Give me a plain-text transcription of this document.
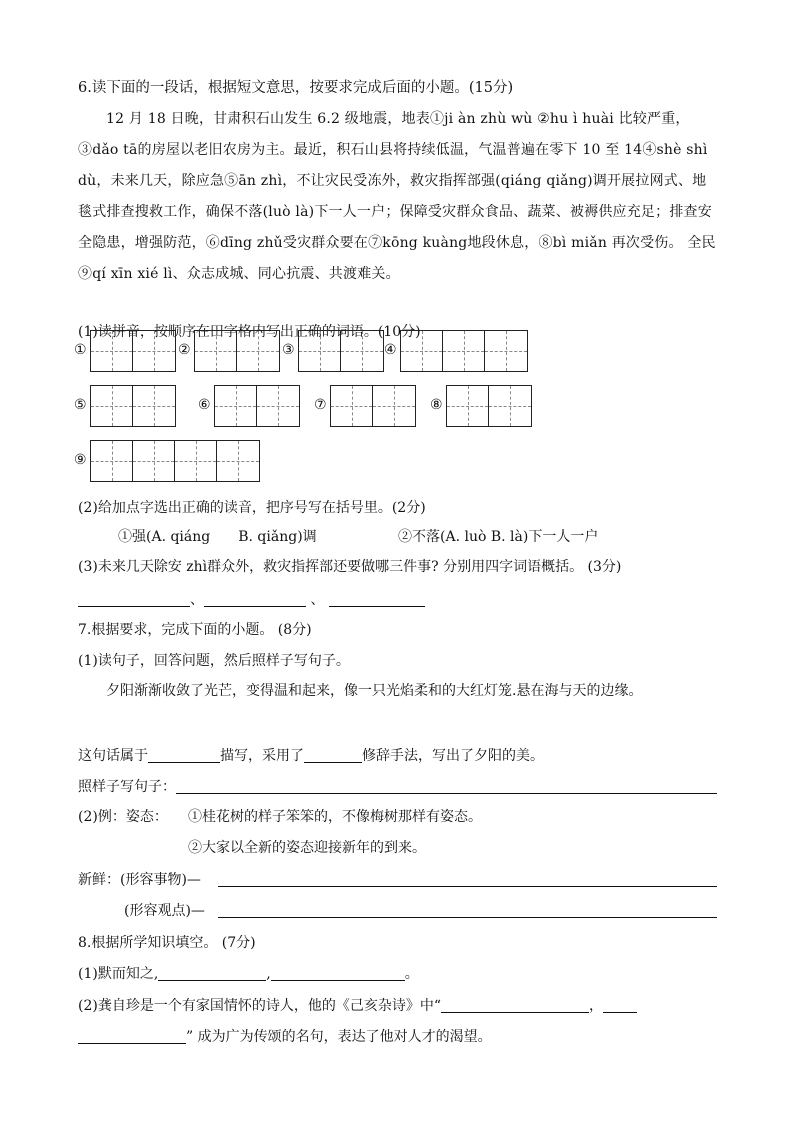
6.读下面的一段话，根据短文意思，按要求完成后面的小题。(15分)
12 月 18 日晚，甘肃积石山发生 6.2 级地震，地表①ji àn zhù wù ②hu ì huài 比较严重，③dǎo tā的房屋以老旧农房为主。最近，积石山县将持续低温，气温普遍在零下 10 至 14④shè shì dù，未来几天，除应急⑤ān zhì，不让灾民受冻外，救灾指挥部强(qiáng qiǎng)调开展拉网式、地毯式排查搜救工作，确保不落(luò là)下一人一户；保障受灾群众食品、蔬菜、被褥供应充足；排查安全隐患，增强防范，⑥dīng zhǔ受灾群众要在⑦kōng kuàng地段休息，⑧bì miǎn 再次受伤。 全民⑨qí xīn xié lì、众志成城、同心抗震、共渡难关。
(1)读拼音，按顺序在田字格内写出正确的词语。(10分)
①	②	③	④
⑤	⑥	⑦	⑧
⑨
(2)给加点字选出正确的读音，把序号写在括号里。(2分)
①强(A. qiáng　　B. qiǎng)调	②不落(A. luò B. là)下一人一户
(3)未来几天除安 zhì群众外，救灾指挥部还要做哪三件事? 分别用四字词语概括。 (3分)
、	、
7.根据要求，完成下面的小题。 (8分)
(1)读句子，回答问题，然后照样子写句子。
夕阳渐渐收敛了光芒，变得温和起来，像一只光焰柔和的大红灯笼.悬在海与天的边缘。
这句话属于	描写，采用了	修辞手法，写出了夕阳的美。
照样子写句子：
(2)例：姿态： ①桂花树的样子笨笨的，不像梅树那样有姿态。
②大家以全新的姿态迎接新年的到来。
新鲜：(形容事物)—
(形容观点)—
8.根据所学知识填空。 (7分)
(1)默而知之,	,	。
(2)龚自珍是一个有家国情怀的诗人，他的《己亥杂诗》中“	，
” 成为广为传颂的名句，表达了他对人才的渴望。
